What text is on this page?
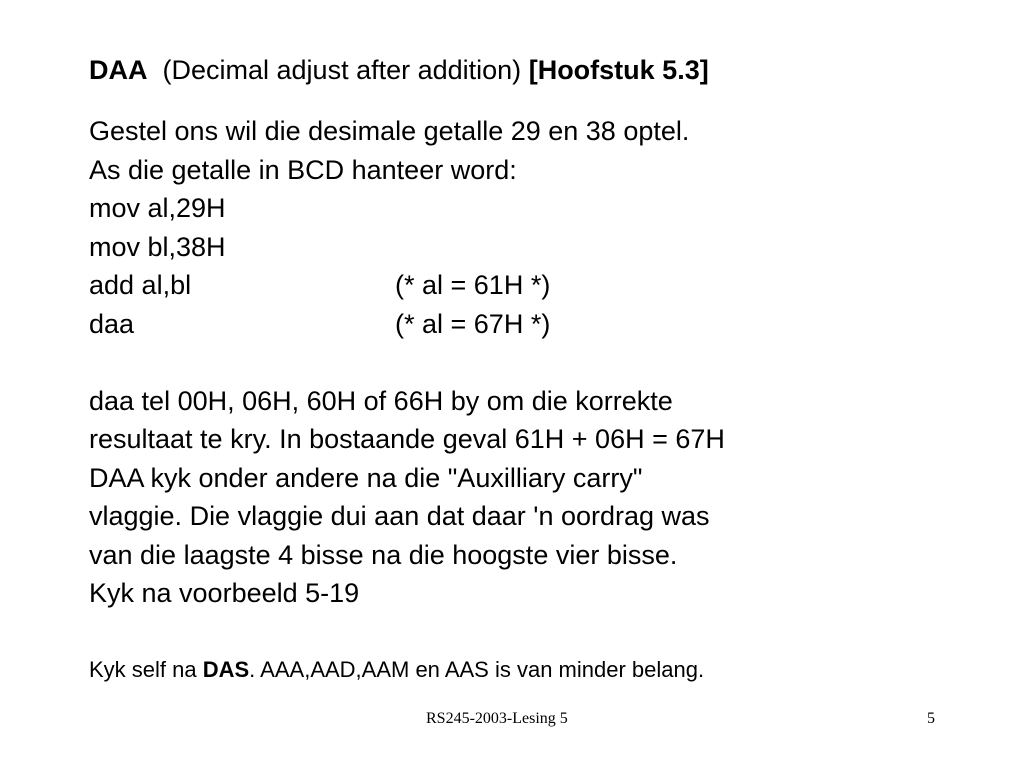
DAA (Decimal adjust after addition) [Hoofstuk 5.3]
Gestel ons wil die desimale getalle 29 en 38 optel.
As die getalle in BCD hanteer word:
mov al,29H
mov bl,38H
add al,bl	(* al = 61H *)
daa	(* al = 67H *)
daa tel 00H, 06H, 60H of 66H by om die korrekte
resultaat te kry. In bostaande geval 61H + 06H = 67H
DAA kyk onder andere na die "Auxilliary carry"
vlaggie. Die vlaggie dui aan dat daar 'n oordrag was
van die laagste 4 bisse na die hoogste vier bisse.
Kyk na voorbeeld 5-19
Kyk self na DAS. AAA,AAD,AAM en AAS is van minder belang.
RS245-2003-Lesing 5	5
